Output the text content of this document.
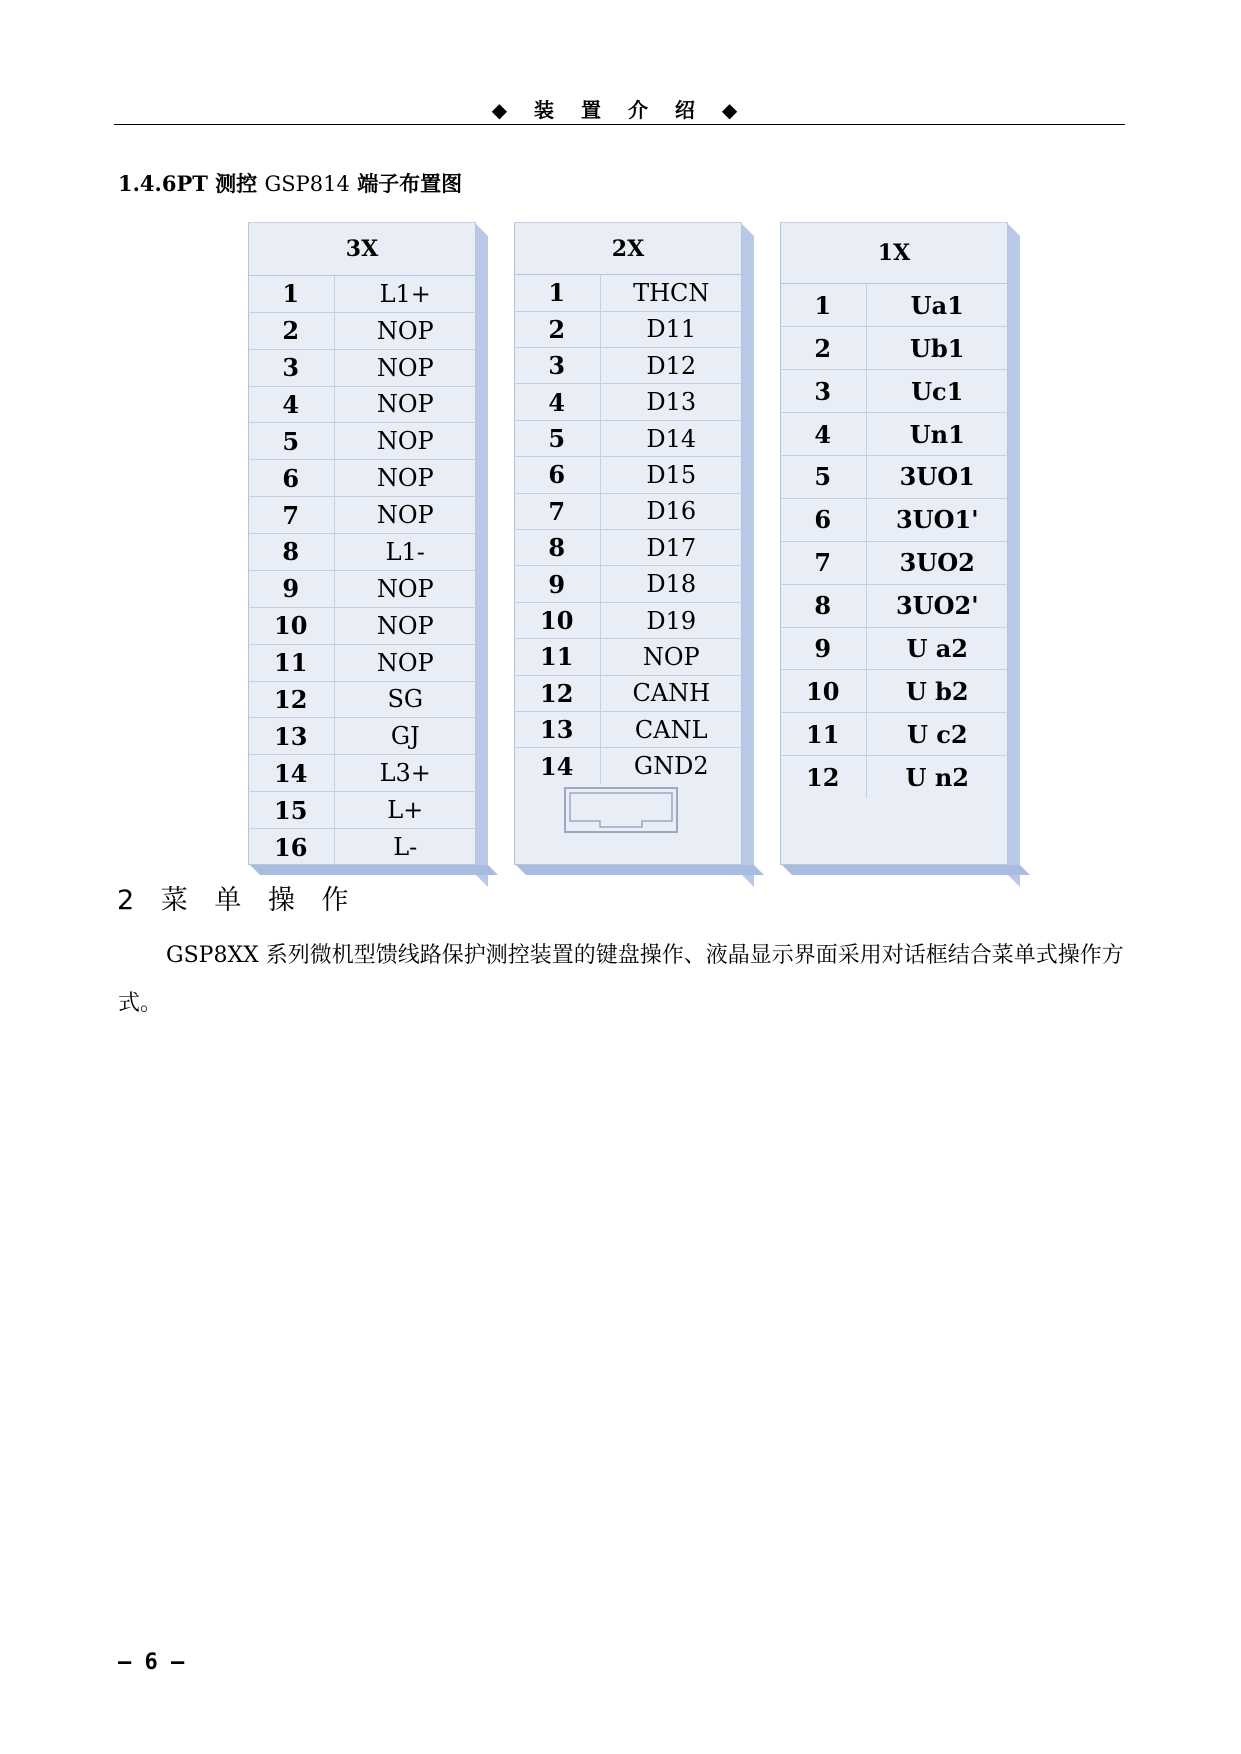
◆ 装 置 介 绍 ◆
1.4.6PT 测控 GSP814 端子布置图
3X	
1	L1+
2	NOP
3	NOP
4	NOP
5	NOP
6	NOP
7	NOP
8	L1-
9	NOP
10	NOP
11	NOP
12	SG
13	GJ
14	L3+
15	L+
16	L-
2X	
1	THCN
2	D11
3	D12
4	D13
5	D14
6	D15
7	D16
8	D17
9	D18
10	D19
11	NOP
12	CANH
13	CANL
14	GND2
1X	
1	Ua1
2	Ub1
3	Uc1
4	Un1
5	3UO1
6	3UO1'
7	3UO2
8	3UO2'
9	U a2
10	U b2
11	U c2
12	U n2
2 菜 单 操 作
GSP8XX 系列微机型馈线路保护测控装置的键盘操作、液晶显示界面采用对话框结合菜单式操作方式。
– 6 –
